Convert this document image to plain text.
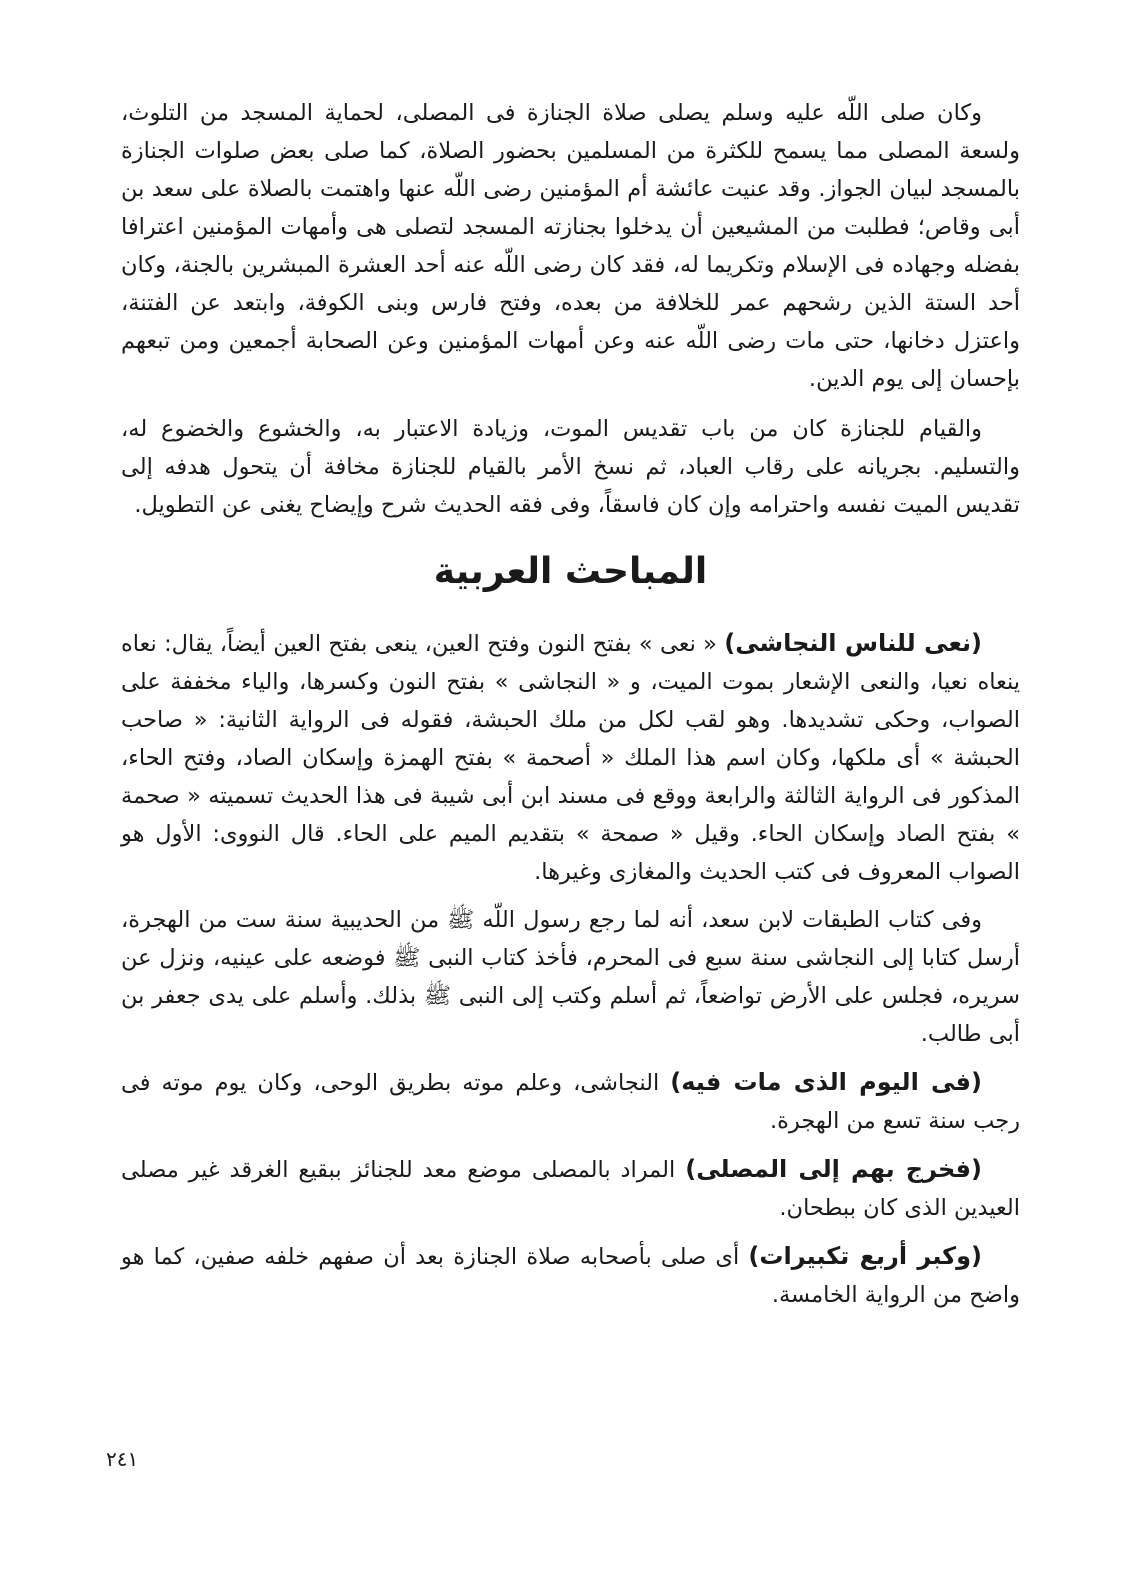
وكان صلى اللّه عليه وسلم يصلى صلاة الجنازة فى المصلى، لحماية المسجد من التلوث، ولسعة المصلى مما يسمح للكثرة من المسلمين بحضور الصلاة، كما صلى بعض صلوات الجنازة بالمسجد لبيان الجواز. وقد عنيت عائشة أم المؤمنين رضى اللّه عنها واهتمت بالصلاة على سعد بن أبى وقاص؛ فطلبت من المشيعين أن يدخلوا بجنازته المسجد لتصلى هى وأمهات المؤمنين اعترافا بفضله وجهاده فى الإسلام وتكريما له، فقد كان رضى اللّه عنه أحد العشرة المبشرين بالجنة، وكان أحد الستة الذين رشحهم عمر للخلافة من بعده، وفتح فارس وبنى الكوفة، وابتعد عن الفتنة، واعتزل دخانها، حتى مات رضى اللّه عنه وعن أمهات المؤمنين وعن الصحابة أجمعين ومن تبعهم بإحسان إلى يوم الدين.

والقيام للجنازة كان من باب تقديس الموت، وزيادة الاعتبار به، والخشوع والخضوع له، والتسليم. بجريانه على رقاب العباد، ثم نسخ الأمر بالقيام للجنازة مخافة أن يتحول هدفه إلى تقديس الميت نفسه واحترامه وإن كان فاسقاً، وفى فقه الحديث شرح وإيضاح يغنى عن التطويل.

المباحث العربية

(نعى للناس النجاشى) « نعى » بفتح النون وفتح العين، ينعى بفتح العين أيضاً، يقال: نعاه ينعاه نعيا، والنعى الإشعار بموت الميت، و « النجاشى » بفتح النون وكسرها، والياء مخففة على الصواب، وحكى تشديدها. وهو لقب لكل من ملك الحبشة، فقوله فى الرواية الثانية: « صاحب الحبشة » أى ملكها، وكان اسم هذا الملك « أصحمة » بفتح الهمزة وإسكان الصاد، وفتح الحاء، المذكور فى الرواية الثالثة والرابعة ووقع فى مسند ابن أبى شيبة فى هذا الحديث تسميته « صحمة » بفتح الصاد وإسكان الحاء. وقيل « صمحة » بتقديم الميم على الحاء. قال النووى: الأول هو الصواب المعروف فى كتب الحديث والمغازى وغيرها.

وفى كتاب الطبقات لابن سعد، أنه لما رجع رسول اللّه ﷺ من الحديبية سنة ست من الهجرة، أرسل كتابا إلى النجاشى سنة سبع فى المحرم، فأخذ كتاب النبى ﷺ فوضعه على عينيه، ونزل عن سريره، فجلس على الأرض تواضعاً، ثم أسلم وكتب إلى النبى ﷺ بذلك. وأسلم على يدى جعفر بن أبى طالب.

(فى اليوم الذى مات فيه) النجاشى، وعلم موته بطريق الوحى، وكان يوم موته فى رجب سنة تسع من الهجرة.

(فخرج بهم إلى المصلى) المراد بالمصلى موضع معد للجنائز ببقيع الغرقد غير مصلى العيدين الذى كان ببطحان.

(وكبر أربع تكبيرات) أى صلى بأصحابه صلاة الجنازة بعد أن صفهم خلفه صفين، كما هو واضح من الرواية الخامسة.

٢٤١
